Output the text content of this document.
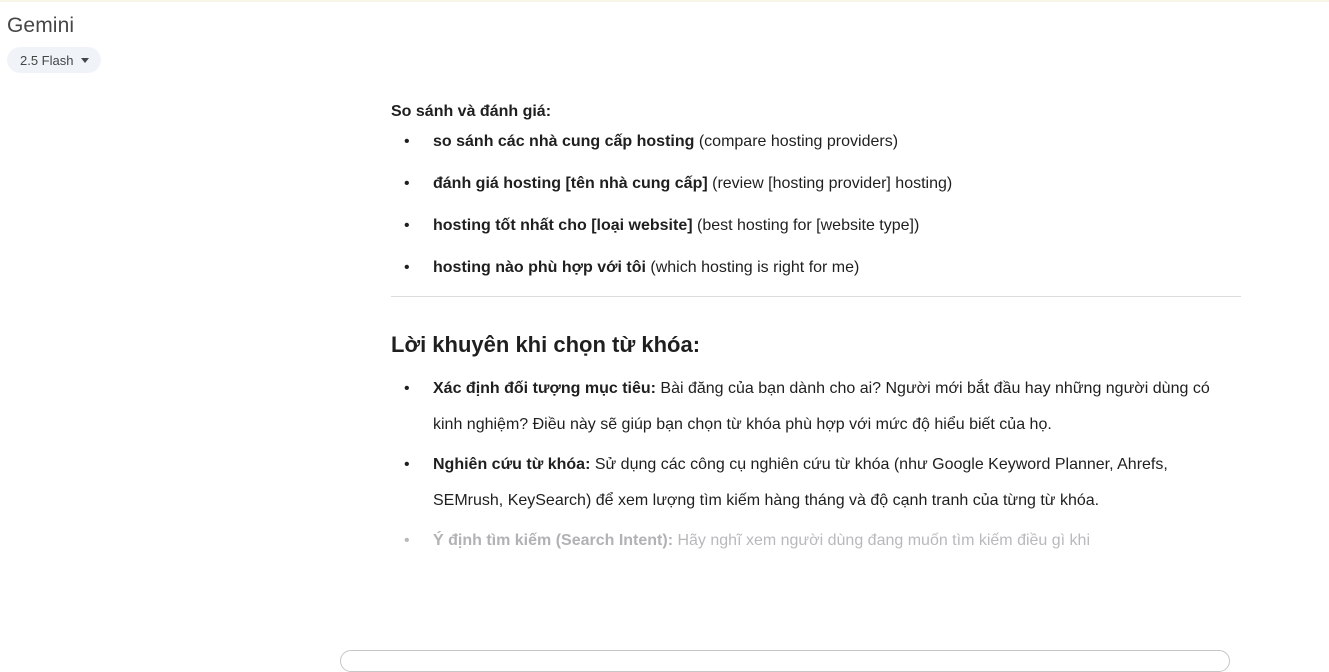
Gemini
2.5 Flash
So sánh và đánh giá:
• so sánh các nhà cung cấp hosting (compare hosting providers)
• đánh giá hosting [tên nhà cung cấp] (review [hosting provider] hosting)
• hosting tốt nhất cho [loại website] (best hosting for [website type])
• hosting nào phù hợp với tôi (which hosting is right for me)
Lời khuyên khi chọn từ khóa:
• Xác định đối tượng mục tiêu: Bài đăng của bạn dành cho ai? Người mới bắt đầu hay những người dùng có kinh nghiệm? Điều này sẽ giúp bạn chọn từ khóa phù hợp với mức độ hiểu biết của họ.
• Nghiên cứu từ khóa: Sử dụng các công cụ nghiên cứu từ khóa (như Google Keyword Planner, Ahrefs, SEMrush, KeySearch) để xem lượng tìm kiếm hàng tháng và độ cạnh tranh của từng từ khóa.
• Ý định tìm kiếm (Search Intent): Hãy nghĩ xem người dùng đang muốn tìm kiếm điều gì khi
